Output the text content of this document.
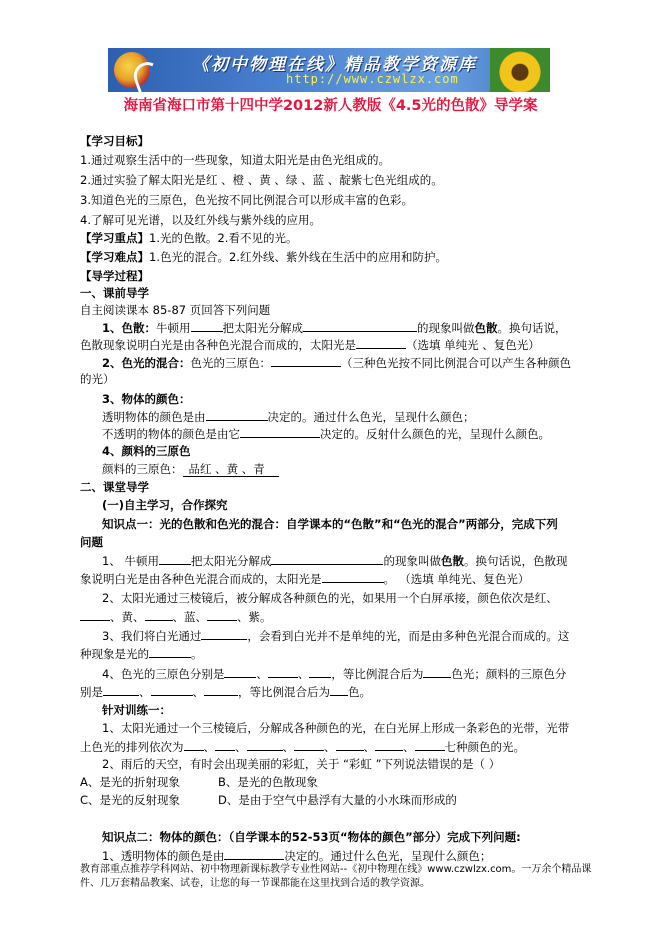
《初中物理在线》精品教学资源库
http://www.czwlzx.com
海南省海口市第十四中学2012新人教版《4.5光的色散》导学案
【学习目标】
1.通过观察生活中的一些现象，知道太阳光是由色光组成的。
2.通过实验了解太阳光是红 、橙 、黄 、绿 、蓝 、靛紫七色光组成的。
3.知道色光的三原色，色光按不同比例混合可以形成丰富的色彩。
4.了解可见光谱，以及红外线与紫外线的应用。
【学习重点】1.光的色散。2.看不见的光。
【学习难点】1.色光的混合。2.红外线、紫外线在生活中的应用和防护。
【导学过程】
一、课前导学
自主阅读课本 85-87 页回答下列问题
1、色散：牛顿用	把太阳光分解成	的现象叫做色散。换句话说，
色散现象说明白光是由各种色光混合而成的，太阳光是	（选填 单纯光 、复色光）
2、色光的混合：色光的三原色：	（三种色光按不同比例混合可以产生各种颜色
的光）
3、物体的颜色：
透明物体的颜色是由	决定的。通过什么色光，呈现什么颜色；
不透明的物体的颜色是由它	决定的。反射什么颜色的光，呈现什么颜色。
4、颜料的三原色
颜料的三原色： 品红 、黄 、青
二、课堂导学
(一)自主学习，合作探究
知识点一：光的色散和色光的混合：自学课本的“色散”和“色光的混合”两部分，完成下列
问题
1、 牛顿用	把太阳光分解成	的现象叫做色散。换句话说，色散现
象说明白光是由各种色光混合而成的，太阳光是	。 （选填 单纯光、复色光）
2、太阳光通过三棱镜后，被分解成各种颜色的光，如果用一个白屏承接，颜色依次是红、
、黄、 、蓝、	、紫。
3、我们将白光通过	，会看到白光并不是单纯的光，而是由多种色光混合而成的。这
种现象是光的	。
4、色光的三原色分别是	、	、 ，等比例混合后为 色光；颜料的三原色分
别是	、	、	，等比例混合后为 色。
针对训练一：
1、太阳光通过一个三棱镜后，分解成各种颜色的光，在白光屏上形成一条彩色的光带，光带
上色光的排列依次为 、 、	、	、 、 、	七种颜色的光。
2、雨后的天空，有时会出现美丽的彩虹，关于 “彩虹 ”下列说法错误的是（ ）
A、是光的折射现象	B、是光的色散现象
C、是光的反射现象	D、是由于空气中悬浮有大量的小水珠而形成的
知识点二：物体的颜色：（自学课本的52-53页“物体的颜色”部分）完成下列问题:
1、透明物体的颜色是由	决定的。通过什么色光，呈现什么颜色；
教育部重点推荐学科网站、初中物理新课标教学专业性网站--《初中物理在线》www.czwlzx.com。一万余个精品课
件、几万套精品教案、试卷，让您的每一节课都能在这里找到合适的教学资源。
